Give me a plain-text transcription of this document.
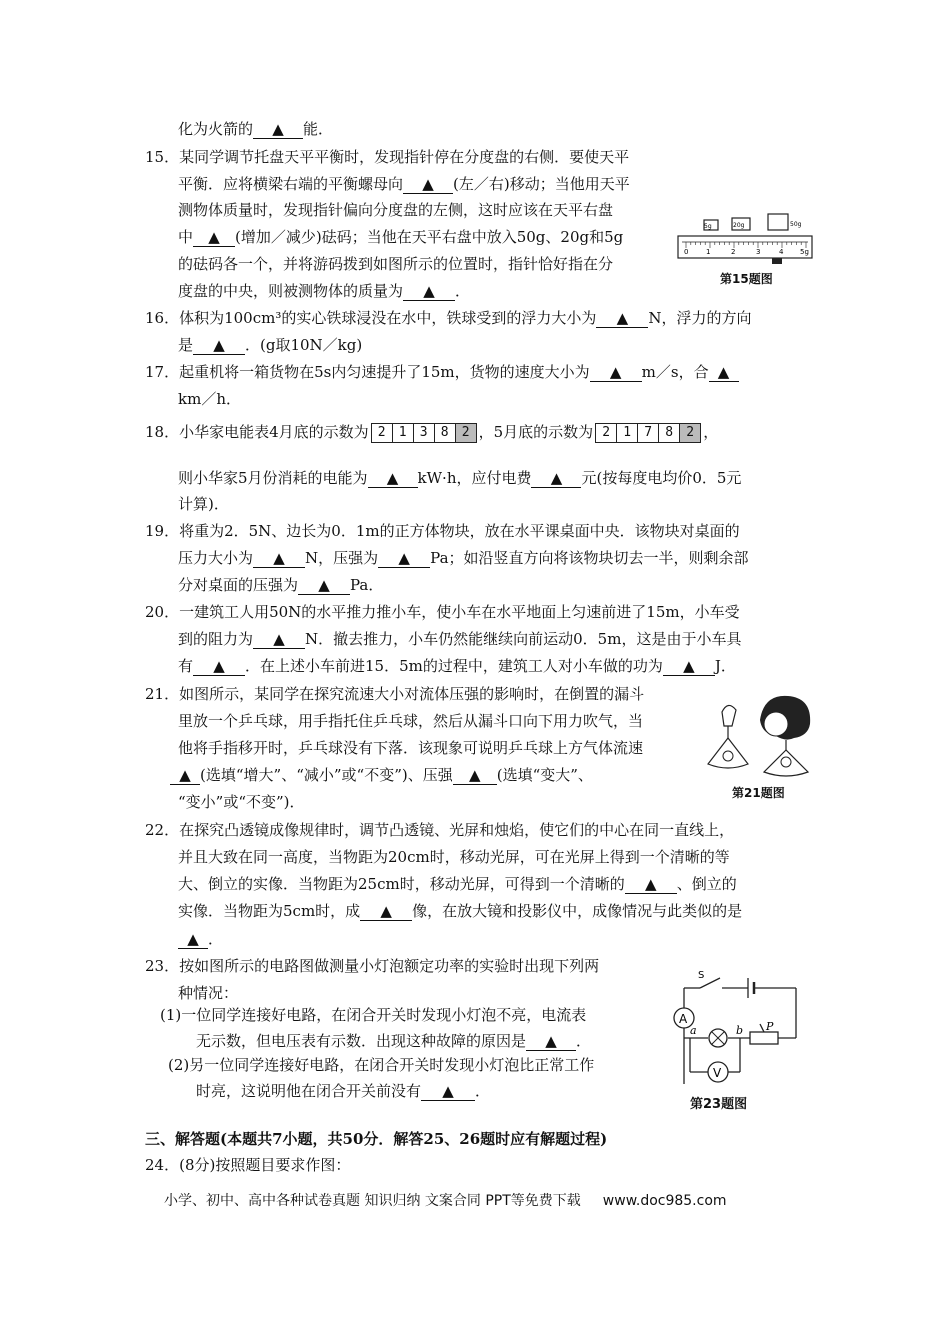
化为火箭的 ▲ 能．
15．某同学调节托盘天平平衡时，发现指针停在分度盘的右侧．要使天平
平衡．应将横梁右端的平衡螺母向 ▲ (左／右)移动；当他用天平
测物体质量时，发现指针偏向分度盘的左侧，这时应该在天平右盘
中 ▲ (增加／减少)砝码；当他在天平右盘中放入50g、20g和5g
的砝码各一个，并将游码拨到如图所示的位置时，指针恰好指在分
度盘的中央，则被测物体的质量为 ▲ ．
5g	20g	50g
0	1	2	3	4 5g
第15题图
16．体积为100cm³的实心铁球浸没在水中，铁球受到的浮力大小为 ▲ N，浮力的方向
是 ▲ ．(g取10N／kg)
17．起重机将一箱货物在5s内匀速提升了15m，货物的速度大小为 ▲ m／s，合 ▲
km／h．
18．小华家电能表4月底的示数为 2	1	3	8	2 ，5月底的示数为 2	1	7	8	2 ，
则小华家5月份消耗的电能为 ▲ kW·h，应付电费 ▲ 元(按每度电均价0．5元
计算)．
19．将重为2．5N、边长为0．1m的正方体物块，放在水平课桌面中央．该物块对桌面的
压力大小为 ▲ N，压强为 ▲ Pa；如沿竖直方向将该物块切去一半，则剩余部
分对桌面的压强为 ▲ Pa．
20．一建筑工人用50N的水平推力推小车，使小车在水平地面上匀速前进了15m，小车受
到的阻力为 ▲ N．撤去推力，小车仍然能继续向前运动0．5m，这是由于小车具
有 ▲ ．在上述小车前进15．5m的过程中，建筑工人对小车做的功为 ▲ J．
21．如图所示，某同学在探究流速大小对流体压强的影响时，在倒置的漏斗
里放一个乒乓球，用手指托住乒乓球，然后从漏斗口向下用力吹气，当
他将手指移开时，乒乓球没有下落．该现象可说明乒乓球上方气体流速
▲ (选填“增大”、“减小”或“不变”)、压强 ▲ (选填“变大”、
“变小”或“不变”)．	第21题图
22．在探究凸透镜成像规律时，调节凸透镜、光屏和烛焰，使它们的中心在同一直线上，
并且大致在同一高度，当物距为20cm时，移动光屏，可在光屏上得到一个清晰的等
大、倒立的实像．当物距为25cm时，移动光屏，可得到一个清晰的 ▲ 、倒立的
实像．当物距为5cm时，成 ▲ 像，在放大镜和投影仪中，成像情况与此类似的是
▲ ．
23．按如图所示的电路图做测量小灯泡额定功率的实验时出现下列两
种情况：
(1)一位同学连接好电路，在闭合开关时发现小灯泡不亮，电流表
无示数，但电压表有示数．出现这种故障的原因是 ▲ ．
(2)另一位同学连接好电路，在闭合开关时发现小灯泡比正常工作
时亮，这说明他在闭合开关前没有 ▲ ．
A
V
S
a	b P
第23题图
三、解答题(本题共7小题，共50分．解答25、26题时应有解题过程)
24．(8分)按照题目要求作图：
小学、初中、高中各种试卷真题 知识归纳 文案合同 PPT等免费下载 www.doc985.com
